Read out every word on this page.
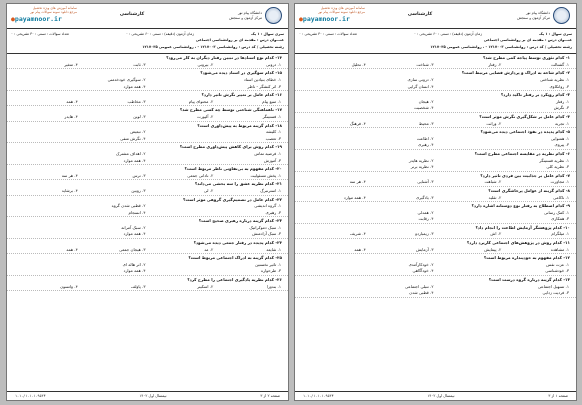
دانشگاه پیام نور
مرکز آزمون و سنجش
کارشناسی
سامانه آموزش های ویژه تحصیل
مرجع دانلود نمونه سوالات پیام نور
●payamnoor.ir
سری سوال : ۱ یک
زمان آزمون (دقیقه) : تستی : ۶۰ تشریحی : ۰
تعداد سوالات : تستی : ۳۰ تشریحی : ۰
عنـــوان درس : مقدمه ای بر روانشناسی اجتماعی
رشته تحصیلی / کد درس : روانشناسی ۱۲۱۷۰۰۳ - ، روانشناسی عمومی ۱۲۱۷۰۳۵
۱۴- کدام نوع اسنادها در تبیین رفتار دیگران به کار می‌رود؟
۱. درونی
۲. بیرونی
۳. ثابت
۴. متغیر
۱۵- کدام سوگیری در اسناد دیده می‌شود؟
۱. خطای بنیادین اسناد
۲. سوگیری خودخدمتی
۳. اثر کنشگر - ناظر
۴. همه موارد
۱۶- کدام عامل بر تغییر نگرش تاثیر دارد؟
۱. منبع پیام
۲. محتوای پیام
۳. مخاطب
۴. همه
۱۷- ناهماهنگی شناختی توسط چه کسی مطرح شد؟
۱. فستینگر
۲. آلپورت
۳. لوین
۴. هایدر
۱۸- کدام گزینه مربوط به پیش‌داوری است؟
۱. کلیشه
۲. تبعیض
۳. تعصب
۴. نگرش منفی
۱۹- کدام روش برای کاهش پیش‌داوری مطرح است؟
۱. فرضیه تماس
۲. اهداف مشترک
۳. آموزش
۴. همه موارد
۲۰- کدام مفهوم به بی‌تفاوتی ناظر مربوط است؟
۱. پخش مسئولیت
۲. نادانی جمعی
۳. ترس
۴. هر سه
۲۱- کدام نظریه عشق را سه بخشی می‌داند؟
۱. استرنبرگ
۲. لی
۳. روبین
۴. برشاید
۲۲- کدام عامل در تصمیم‌گیری گروهی موثر است؟
۱. گروه اندیشی
۲. قطبی شدن گروه
۳. رهبری
۴. انسجام
۲۳- کدام گزینه درباره رهبری صحیح است؟
۱. سبک دموکراتیک
۲. سبک آمرانه
۳. سبک آزادمنش
۴. همه موارد
۲۴- کدام پدیده در رفتار جمعی دیده می‌شود؟
۱. شایعه
۲. مد
۳. هیجان جمعی
۴. همه
۲۵- کدام گزینه به ادراک اجتماعی مربوط است؟
۱. تاثیر نخستین
۲. اثر هاله ای
۳. طرحواره
۴. همه موارد
۲۶- کدام نظریه یادگیری اجتماعی را مطرح کرد؟
۱. بندورا
۲. اسکینر
۳. پاولف
۴. واتسون
صفحه ۲ از ۳
نیمسال اول ۱۴۰۲
۱۰۱۰/۱۰۱۰۱۰۹۵۳۴
دانشگاه پیام نور
مرکز آزمون و سنجش
کارشناسی
سامانه آموزش های ویژه تحصیل
مرجع دانلود نمونه سوالات پیام نور
●payamnoor.ir
سری سوال : ۱ یک
زمان آزمون (دقیقه) : تستی : ۶۰ تشریحی : ۰
تعداد سوالات : تستی : ۳۰ تشریحی : ۰
عنـــوان درس : مقدمه ای بر روانشناسی اجتماعی
رشته تحصیلی / کد درس : روانشناسی ۱۲۱۷۰۰۳ - ، روانشناسی عمومی ۱۲۱۷۰۳۵
۱- کدام تئوری توسط پیاجه کمی مطرح شد؟
۱. گشتالت
۲. رفتار
۳. شناخت
۴. تحلیل
۲- کدام شاخه به ادراک و پردازش فضایی مرتبط است؟
۱. نظریه شناختی
۲. درونی سازی
۳. روانکاوی
۴. انسان گرایی
۳- کدام رویکرد بر رفتار تاکید دارد؟
۱. رفتار
۲. هیجان
۳. نگرش
۴. شخصیت
۴- کدام عامل بر شکل‌گیری نگرش موثر است؟
۱. تجربه
۲. وراثت
۳. محیط
۴. فرهنگ
۵- کدام پدیده در نفوذ اجتماعی دیده می‌شود؟
۱. همنوایی
۲. اطاعت
۳. پیروی
۴. رهبری
۶- کدام نظریه در مقایسه اجتماعی مطرح است؟
۱. نظریه فستینگر
۲. نظریه هایدر
۳. نظریه کلی
۴. نظریه برنر
۷- کدام عامل بر جذابیت بین فردی تاثیر دارد؟
۱. مجاورت
۲. شباهت
۳. آشنایی
۴. هر سه
۸- کدام گزینه از عوامل پرخاشگری است؟
۱. ناکامی
۲. تقلید
۳. یادگیری
۴. همه موارد
۹- کدام اصطلاح به رفتار نوع دوستانه اشاره دارد؟
۱. کمک رسانی
۲. همدلی
۳. همکاری
۴. رقابت
۱۰- کدام پژوهشگر آزمایش اطاعت را انجام داد؟
۱. میلگرام
۲. اش
۳. زیمباردو
۴. شریف
۱۱- کدام روش در پژوهش‌های اجتماعی کاربرد دارد؟
۱. مشاهده
۲. پیمایش
۳. آزمایش
۴. همه
۱۲- کدام مفهوم به خودپنداره مربوط است؟
۱. عزت نفس
۲. خودکارآمدی
۳. خودشناسی
۴. خودآگاهی
۱۳- کدام گزینه درباره گروه درست است؟
۱. تسهیل اجتماعی
۲. تنبلی اجتماعی
۳. فردیت زدایی
۴. قطبی شدن
صفحه ۱ از ۳
نیمسال اول ۱۴۰۲
۱۰۱۰/۱۰۱۰۱۰۹۵۳۴
